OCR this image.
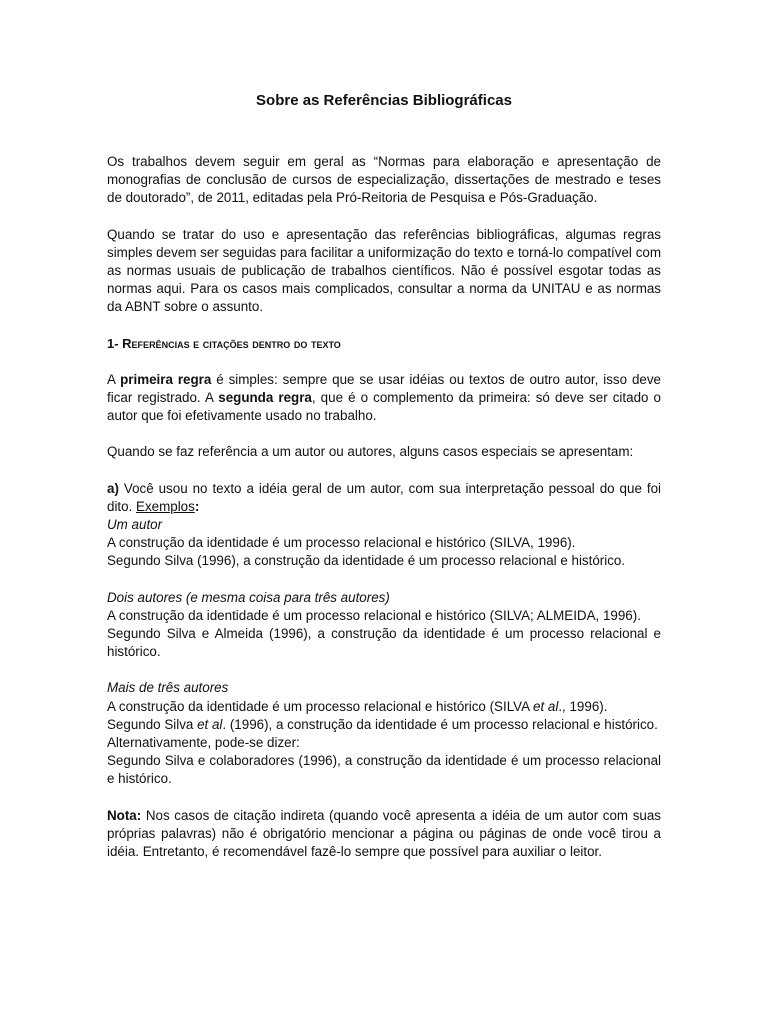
Sobre as Referências Bibliográficas

Os trabalhos devem seguir em geral as “Normas para elaboração e apresentação de monografias de conclusão de cursos de especialização, dissertações de mestrado e teses de doutorado”, de 2011, editadas pela Pró-Reitoria de Pesquisa e Pós-Graduação.

Quando se tratar do uso e apresentação das referências bibliográficas, algumas regras simples devem ser seguidas para facilitar a uniformização do texto e torná-lo compatível com as normas usuais de publicação de trabalhos científicos. Não é possível esgotar todas as normas aqui. Para os casos mais complicados, consultar a norma da UNITAU e as normas da ABNT sobre o assunto.

1- Referências e citações dentro do texto

A primeira regra é simples: sempre que se usar idéias ou textos de outro autor, isso deve ficar registrado. A segunda regra, que é o complemento da primeira: só deve ser citado o autor que foi efetivamente usado no trabalho.

Quando se faz referência a um autor ou autores, alguns casos especiais se apresentam:

a) Você usou no texto a idéia geral de um autor, com sua interpretação pessoal do que foi dito. Exemplos:

Um autor

A construção da identidade é um processo relacional e histórico (SILVA, 1996).

Segundo Silva (1996), a construção da identidade é um processo relacional e histórico.

Dois autores (e mesma coisa para três autores)

A construção da identidade é um processo relacional e histórico (SILVA; ALMEIDA, 1996).

Segundo Silva e Almeida (1996), a construção da identidade é um processo relacional e histórico.

Mais de três autores

A construção da identidade é um processo relacional e histórico (SILVA et al., 1996).

Segundo Silva et al. (1996), a construção da identidade é um processo relacional e histórico.

Alternativamente, pode-se dizer:

Segundo Silva e colaboradores (1996), a construção da identidade é um processo relacional e histórico.

Nota: Nos casos de citação indireta (quando você apresenta a idéia de um autor com suas próprias palavras) não é obrigatório mencionar a página ou páginas de onde você tirou a idéia. Entretanto, é recomendável fazê-lo sempre que possível para auxiliar o leitor.
